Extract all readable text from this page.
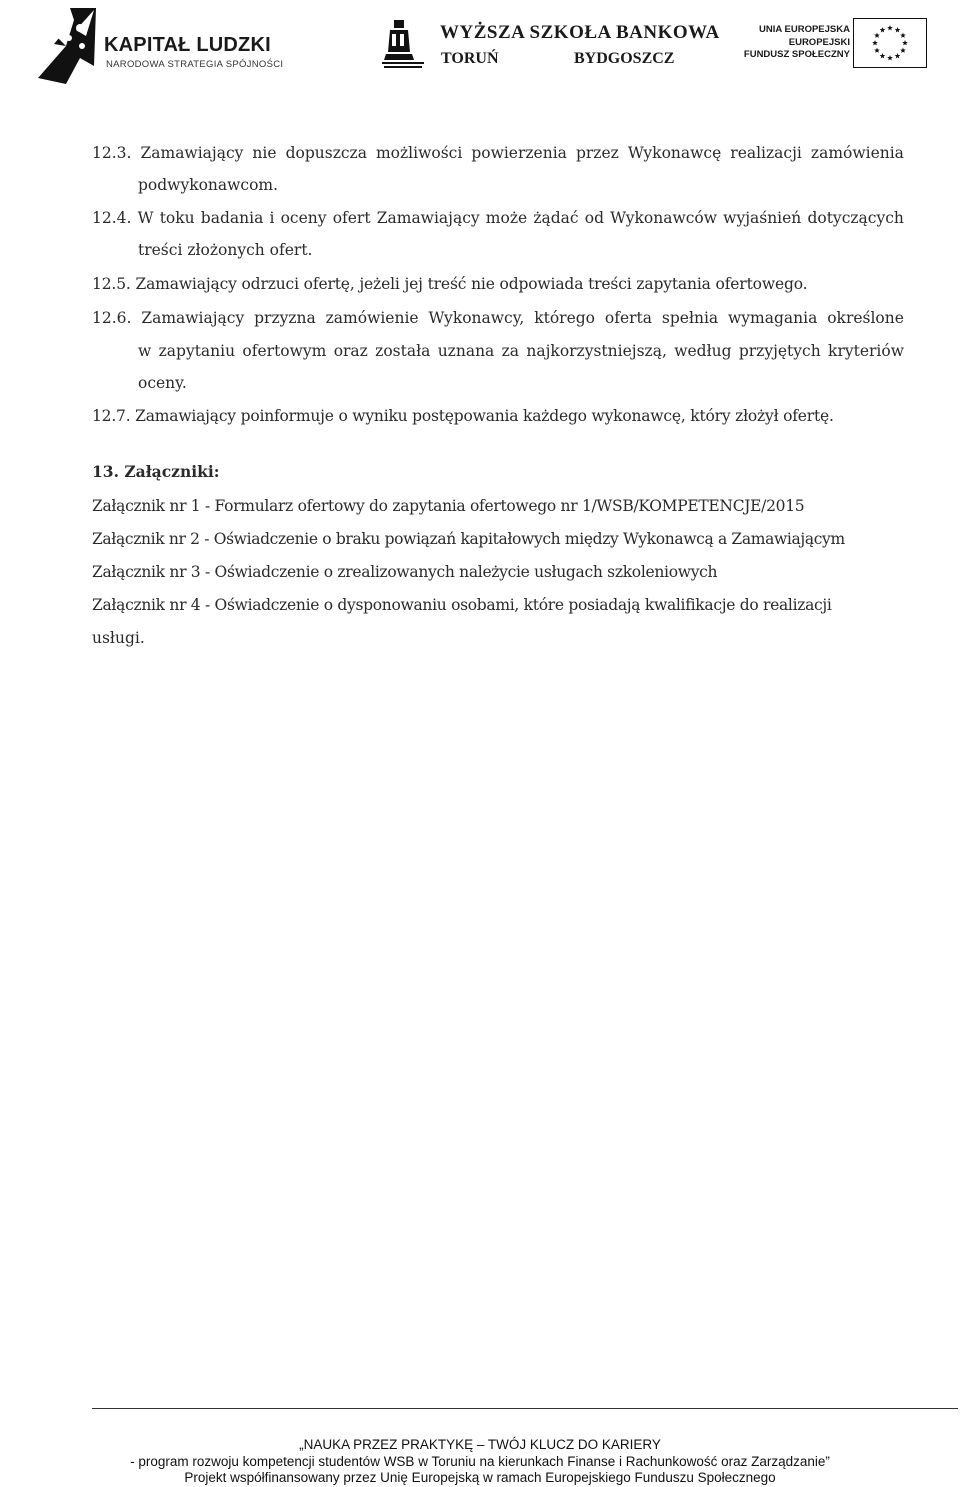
KAPITAŁ LUDZKI
NARODOWA STRATEGIA SPÓJNOŚCI
WYŻSZA SZKOŁA BANKOWA
TORUŃ	BYDGOSZCZ
UNIA EUROPEJSKA
EUROPEJSKI
FUNDUSZ SPOŁECZNY
12.3. Zamawiający nie dopuszcza możliwości powierzenia przez Wykonawcę realizacji zamówienia
podwykonawcom.
12.4. W toku badania i oceny ofert Zamawiający może żądać od Wykonawców wyjaśnień dotyczących
treści złożonych ofert.
12.5. Zamawiający odrzuci ofertę, jeżeli jej treść nie odpowiada treści zapytania ofertowego.
12.6. Zamawiający przyzna zamówienie Wykonawcy, którego oferta spełnia wymagania określone
w zapytaniu ofertowym oraz została uznana za najkorzystniejszą, według przyjętych kryteriów
oceny.
12.7. Zamawiający poinformuje o wyniku postępowania każdego wykonawcę, który złożył ofertę.
13. Załączniki:
Załącznik nr 1 - Formularz ofertowy do zapytania ofertowego nr 1/WSB/KOMPETENCJE/2015
Załącznik nr 2 - Oświadczenie o braku powiązań kapitałowych między Wykonawcą a Zamawiającym
Załącznik nr 3 - Oświadczenie o zrealizowanych należycie usługach szkoleniowych
Załącznik nr 4 - Oświadczenie o dysponowaniu osobami, które posiadają kwalifikacje do realizacji
usługi.
„NAUKA PRZEZ PRAKTYKĘ – TWÓJ KLUCZ DO KARIERY
- program rozwoju kompetencji studentów WSB w Toruniu na kierunkach Finanse i Rachunkowość oraz Zarządzanie”
Projekt współfinansowany przez Unię Europejską w ramach Europejskiego Funduszu Społecznego
